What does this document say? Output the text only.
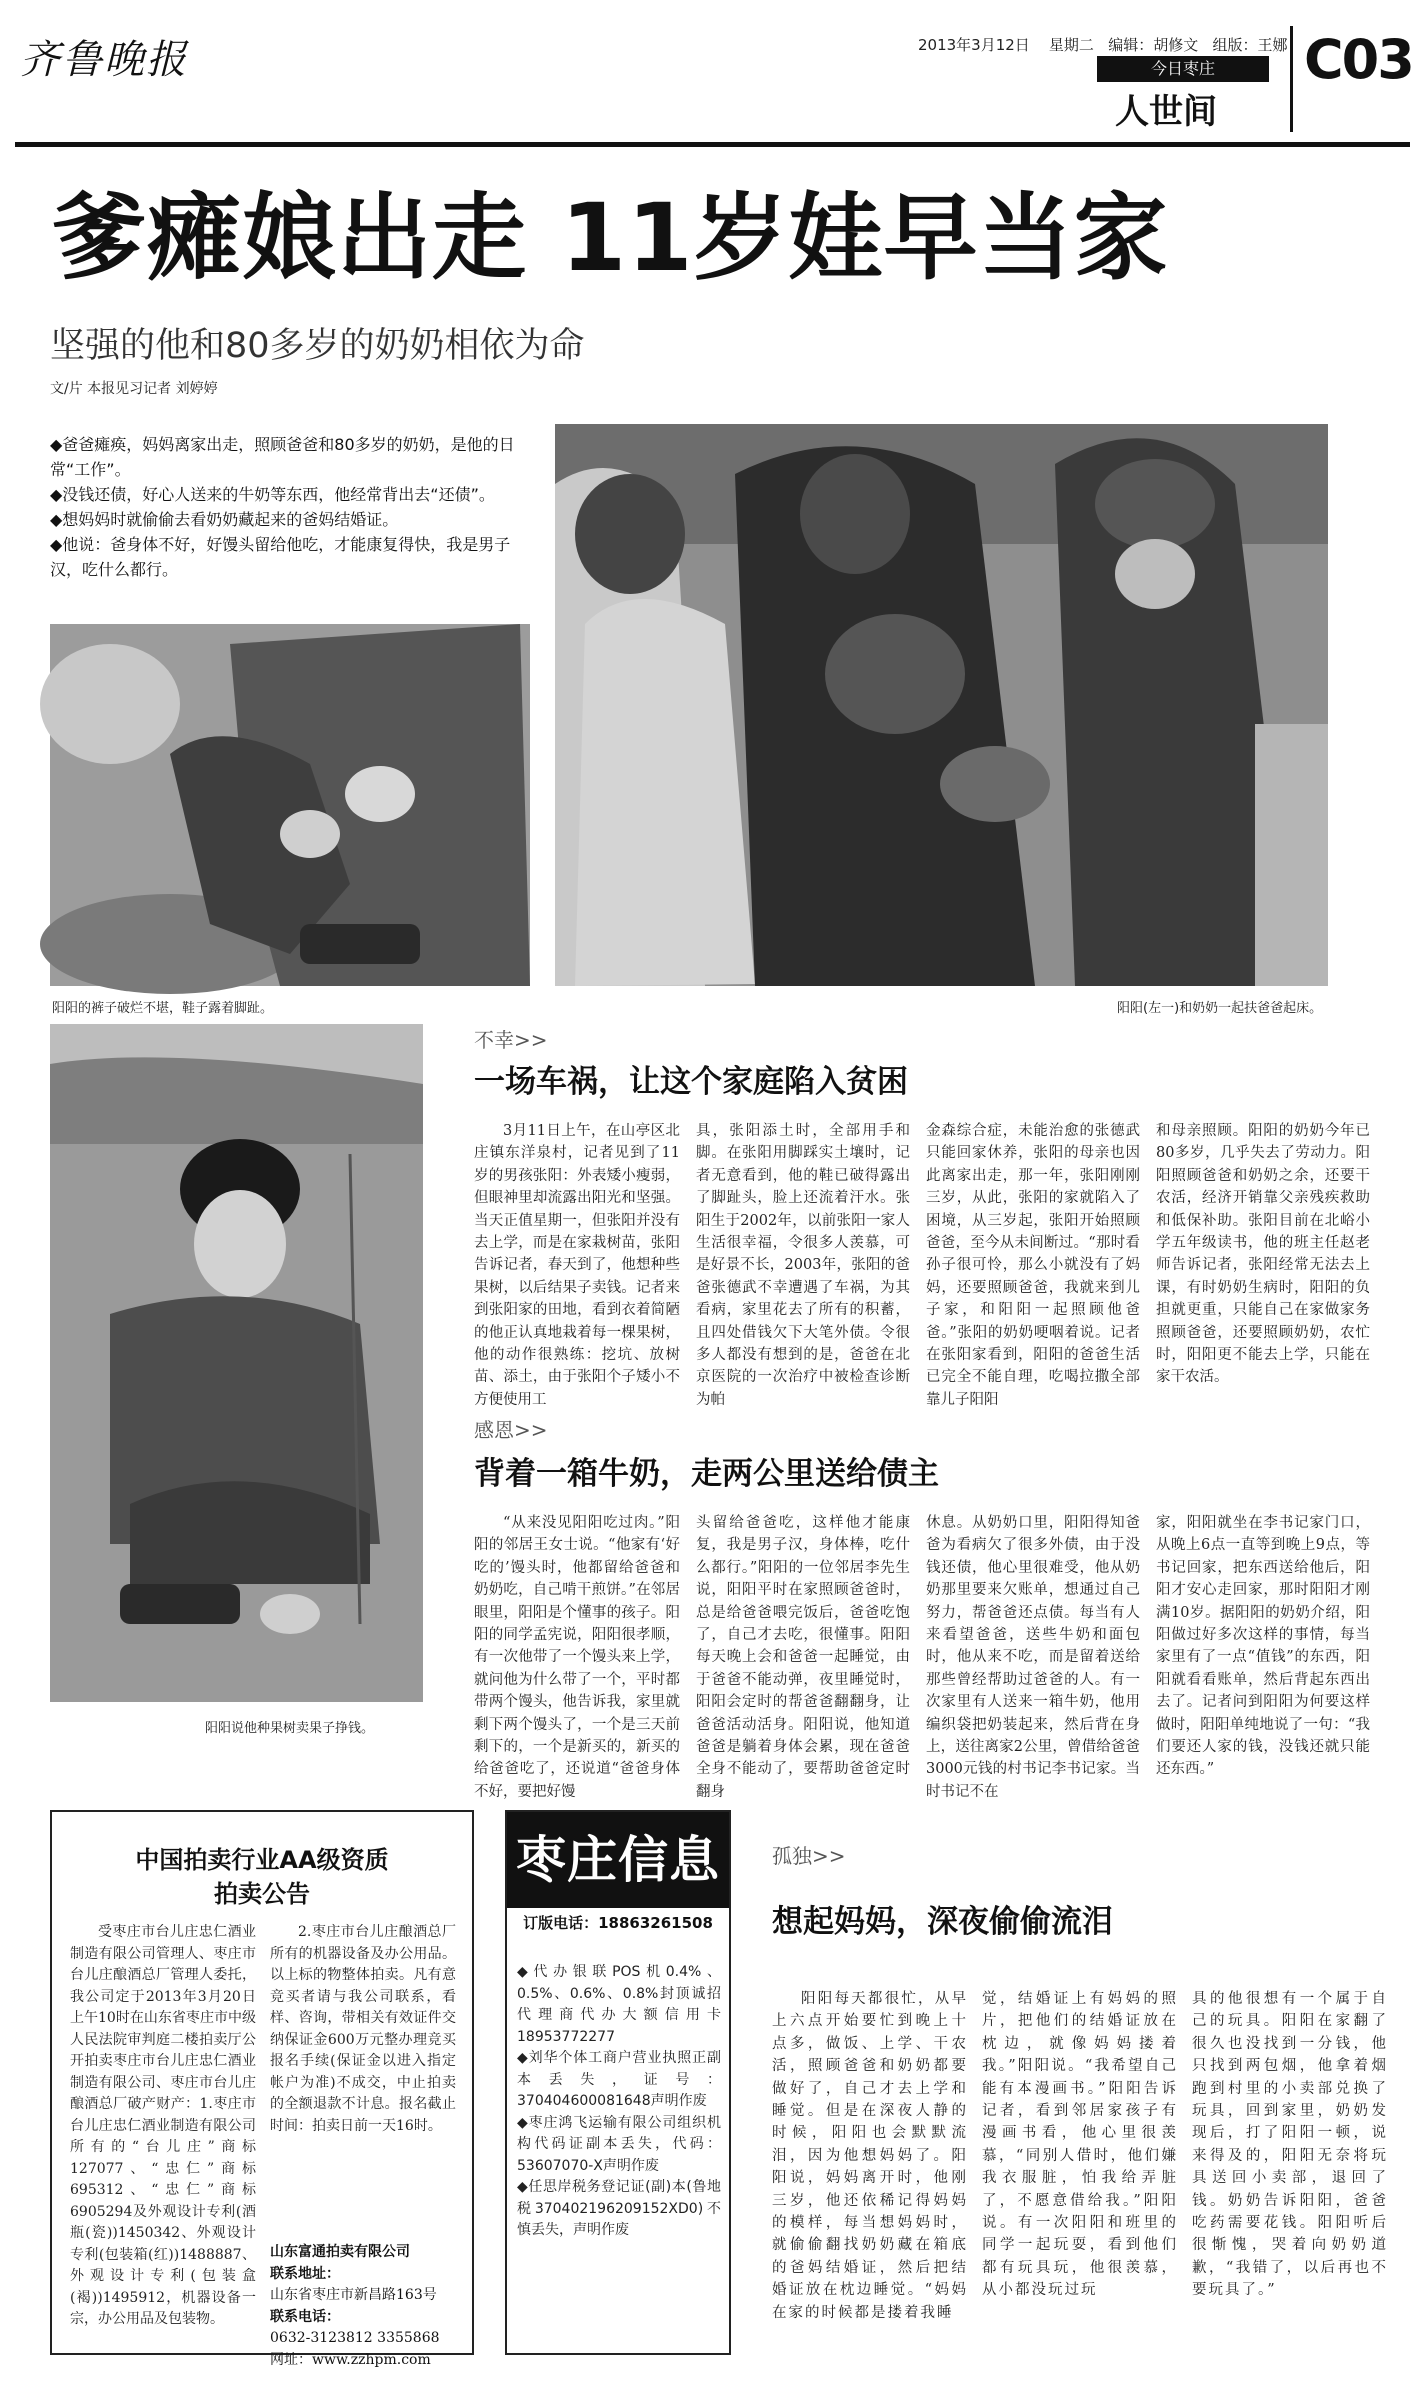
齐鲁晚报	2013年3月12日 星期二 编辑：胡修文 组版：王娜
今日枣庄
人世间
C03
爹瘫娘出走 11岁娃早当家
坚强的他和80多岁的奶奶相依为命
文/片 本报见习记者 刘婷婷

◆爸爸瘫痪，妈妈离家出走，照顾爸爸和80多岁的奶奶，是他的日常“工作”。

◆没钱还债，好心人送来的牛奶等东西，他经常背出去“还债”。

◆想妈妈时就偷偷去看奶奶藏起来的爸妈结婚证。

◆他说：爸身体不好，好馒头留给他吃，才能康复得快，我是男子汉，吃什么都行。

阳阳的裤子破烂不堪，鞋子露着脚趾。	阳阳(左一)和奶奶一起扶爸爸起床。
阳阳说他种果树卖果子挣钱。
不幸>>
一场车祸，让这个家庭陷入贫困
3月11日上午，在山亭区北庄镇东洋泉村，记者见到了11岁的男孩张阳：外表矮小瘦弱，但眼神里却流露出阳光和坚强。当天正值星期一，但张阳并没有去上学，而是在家栽树苗，张阳告诉记者，春天到了，他想种些果树，以后结果子卖钱。记者来到张阳家的田地，看到衣着简陋的他正认真地栽着每一棵果树，他的动作很熟练：挖坑、放树苗、添土，由于张阳个子矮小不方便使用工
具，张阳添土时，全部用手和脚。在张阳用脚踩实土壤时，记者无意看到，他的鞋已破得露出了脚趾头，脸上还流着汗水。张阳生于2002年，以前张阳一家人生活很幸福，令很多人羡慕，可是好景不长，2003年，张阳的爸爸张德武不幸遭遇了车祸，为其看病，家里花去了所有的积蓄，且四处借钱欠下大笔外债。令很多人都没有想到的是，爸爸在北京医院的一次治疗中被检查诊断为帕
金森综合症，未能治愈的张德武只能回家休养，张阳的母亲也因此离家出走，那一年，张阳刚刚三岁，从此，张阳的家就陷入了困境，从三岁起，张阳开始照顾爸爸，至今从未间断过。“那时看孙子很可怜，那么小就没有了妈妈，还要照顾爸爸，我就来到儿子家，和阳阳一起照顾他爸爸。”张阳的奶奶哽咽着说。记者在张阳家看到，阳阳的爸爸生活已完全不能自理，吃喝拉撒全部靠儿子阳阳
和母亲照顾。阳阳的奶奶今年已80多岁，几乎失去了劳动力。阳阳照顾爸爸和奶奶之余，还要干农活，经济开销靠父亲残疾救助和低保补助。张阳目前在北峪小学五年级读书，他的班主任赵老师告诉记者，张阳经常无法去上课，有时奶奶生病时，阳阳的负担就更重，只能自己在家做家务照顾爸爸，还要照顾奶奶，农忙时，阳阳更不能去上学，只能在家干农活。
感恩>>
背着一箱牛奶，走两公里送给债主
“从来没见阳阳吃过肉。”阳阳的邻居王女士说。“他家有‘好吃的’馒头时，他都留给爸爸和奶奶吃，自己啃干煎饼。”在邻居眼里，阳阳是个懂事的孩子。阳阳的同学孟宪说，阳阳很孝顺，有一次他带了一个馒头来上学，就问他为什么带了一个，平时都带两个馒头，他告诉我，家里就剩下两个馒头了，一个是三天前剩下的，一个是新买的，新买的给爸爸吃了，还说道“爸爸身体不好，要把好馒
头留给爸爸吃，这样他才能康复，我是男子汉，身体棒，吃什么都行。”阳阳的一位邻居李先生说，阳阳平时在家照顾爸爸时，总是给爸爸喂完饭后，爸爸吃饱了，自己才去吃，很懂事。阳阳每天晚上会和爸爸一起睡觉，由于爸爸不能动弹，夜里睡觉时，阳阳会定时的帮爸爸翻翻身，让爸爸活动活身。阳阳说，他知道爸爸是躺着身体会累，现在爸爸全身不能动了，要帮助爸爸定时翻身
休息。从奶奶口里，阳阳得知爸爸为看病欠了很多外债，由于没钱还债，他心里很难受，他从奶奶那里要来欠账单，想通过自己努力，帮爸爸还点债。每当有人来看望爸爸，送些牛奶和面包时，他从来不吃，而是留着送给那些曾经帮助过爸爸的人。有一次家里有人送来一箱牛奶，他用编织袋把奶装起来，然后背在身上，送往离家2公里，曾借给爸爸3000元钱的村书记李书记家。当时书记不在
家，阳阳就坐在李书记家门口，从晚上6点一直等到晚上9点，等书记回家，把东西送给他后，阳阳才安心走回家，那时阳阳才刚满10岁。据阳阳的奶奶介绍，阳阳做过好多次这样的事情，每当家里有了一点“值钱”的东西，阳阳就看看账单，然后背起东西出去了。记者问到阳阳为何要这样做时，阳阳单纯地说了一句：“我们要还人家的钱，没钱还就只能还东西。”
中国拍卖行业AA级资质
拍卖公告
受枣庄市台儿庄忠仁酒业制造有限公司管理人、枣庄市台儿庄酿酒总厂管理人委托，我公司定于2013年3月20日上午10时在山东省枣庄市中级人民法院审判庭二楼拍卖厅公开拍卖枣庄市台儿庄忠仁酒业制造有限公司、枣庄市台儿庄酿酒总厂破产财产：1.枣庄市台儿庄忠仁酒业制造有限公司所有的“台儿庄”商标127077、“忠仁”商标695312、“忠仁”商标6905294及外观设计专利(酒瓶(瓷))1450342、外观设计专利(包装箱(红))1488887、外观设计专利(包装盒(褐))1495912，机器设备一宗，办公用品及包装物。
2.枣庄市台儿庄酿酒总厂所有的机器设备及办公用品。以上标的物整体拍卖。凡有意竞买者请与我公司联系，看样、咨询，带相关有效证件交纳保证金600万元整办理竞买报名手续(保证金以进入指定帐户为准)不成交，中止拍卖的全额退款不计息。报名截止时间：拍卖日前一天16时。
山东富通拍卖有限公司
联系地址：
山东省枣庄市新昌路163号
联系电话：
0632-3123812 3355868
网址：www.zzhpm.com
枣庄信息
订版电话：18863261508

◆代办银联POS机0.4%、0.5%、0.6%、0.8%封顶诚招代理商代办大额信用卡18953772277

◆刘华个体工商户营业执照正副本丢失，证号：370404600081648声明作废

◆枣庄鸿飞运输有限公司组织机构代码证副本丢失，代码：53607070-X声明作废

◆任思岸税务登记证(副)本(鲁地税370402196209152XD0)不慎丢失，声明作废

孤独>>
想起妈妈，深夜偷偷流泪
阳阳每天都很忙，从早上六点开始要忙到晚上十点多，做饭、上学、干农活，照顾爸爸和奶奶都要做好了，自己才去上学和睡觉。但是在深夜人静的时候，阳阳也会默默流泪，因为他想妈妈了。阳阳说，妈妈离开时，他刚三岁，他还依稀记得妈妈的模样，每当想妈妈时，就偷偷翻找奶奶藏在箱底的爸妈结婚证，然后把结婚证放在枕边睡觉。“妈妈在家的时候都是搂着我睡
觉，结婚证上有妈妈的照片，把他们的结婚证放在枕边，就像妈妈搂着我。”阳阳说。“我希望自己能有本漫画书。”阳阳告诉记者，看到邻居家孩子有漫画书看，他心里很羡慕，“同别人借时，他们嫌我衣服脏，怕我给弄脏了，不愿意借给我。”阳阳说。有一次阳阳和班里的同学一起玩耍，看到他们都有玩具玩，他很羡慕，从小都没玩过玩
具的他很想有一个属于自己的玩具。阳阳在家翻了很久也没找到一分钱，他只找到两包烟，他拿着烟跑到村里的小卖部兑换了玩具，回到家里，奶奶发现后，打了阳阳一顿，说来得及的，阳阳无奈将玩具送回小卖部，退回了钱。奶奶告诉阳阳，爸爸吃药需要花钱。阳阳听后很惭愧，哭着向奶奶道歉，“我错了，以后再也不要玩具了。”
